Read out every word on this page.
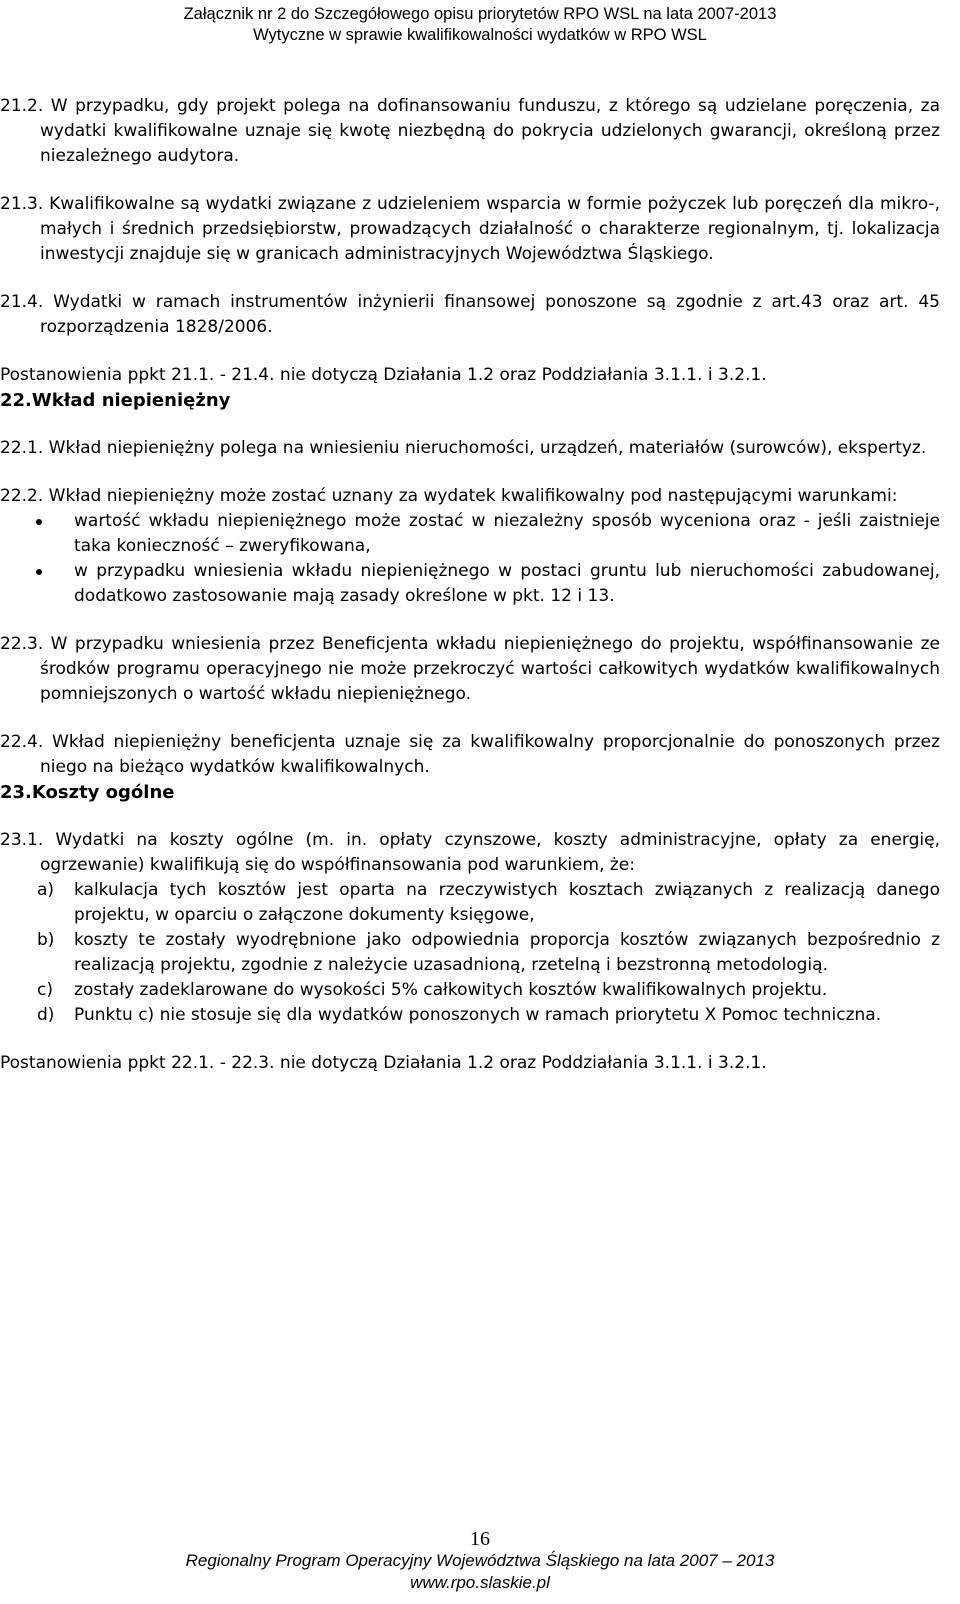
Załącznik nr 2 do Szczegółowego opisu priorytetów RPO WSL na lata 2007-2013
Wytyczne w sprawie kwalifikowalności wydatków w RPO WSL

21.2. W przypadku, gdy projekt polega na dofinansowaniu funduszu, z którego są udzielane poręczenia, za wydatki kwalifikowalne uznaje się kwotę niezbędną do pokrycia udzielonych gwarancji, określoną przez niezależnego audytora.

21.3. Kwalifikowalne są wydatki związane z udzieleniem wsparcia w formie pożyczek lub poręczeń dla mikro-, małych i średnich przedsiębiorstw, prowadzących działalność o charakterze regionalnym, tj. lokalizacja inwestycji znajduje się w granicach administracyjnych Województwa Śląskiego.

21.4. Wydatki w ramach instrumentów inżynierii finansowej ponoszone są zgodnie z art.43 oraz art. 45 rozporządzenia 1828/2006.

Postanowienia ppkt 21.1. - 21.4. nie dotyczą Działania 1.2 oraz Poddziałania 3.1.1. i 3.2.1.

22.Wkład niepieniężny

22.1. Wkład niepieniężny polega na wniesieniu nieruchomości, urządzeń, materiałów (surowców), ekspertyz.

22.2. Wkład niepieniężny może zostać uznany za wydatek kwalifikowalny pod następującymi warunkami:

wartość wkładu niepieniężnego może zostać w niezależny sposób wyceniona oraz - jeśli zaistnieje taka konieczność – zweryfikowana,
w przypadku wniesienia wkładu niepieniężnego w postaci gruntu lub nieruchomości zabudowanej, dodatkowo zastosowanie mają zasady określone w pkt. 12 i 13.

22.3. W przypadku wniesienia przez Beneficjenta wkładu niepieniężnego do projektu, współfinansowanie ze środków programu operacyjnego nie może przekroczyć wartości całkowitych wydatków kwalifikowalnych pomniejszonych o wartość wkładu niepieniężnego.

22.4. Wkład niepieniężny beneficjenta uznaje się za kwalifikowalny proporcjonalnie do ponoszonych przez niego na bieżąco wydatków kwalifikowalnych.

23.Koszty ogólne

23.1. Wydatki na koszty ogólne (m. in. opłaty czynszowe, koszty administracyjne, opłaty za energię, ogrzewanie) kwalifikują się do współfinansowania pod warunkiem, że:

a) kalkulacja tych kosztów jest oparta na rzeczywistych kosztach związanych z realizacją danego projektu, w oparciu o załączone dokumenty księgowe,
b) koszty te zostały wyodrębnione jako odpowiednia proporcja kosztów związanych bezpośrednio z realizacją projektu, zgodnie z należycie uzasadnioną, rzetelną i bezstronną metodologią.
c) zostały zadeklarowane do wysokości 5% całkowitych kosztów kwalifikowalnych projektu.
d) Punktu c) nie stosuje się dla wydatków ponoszonych w ramach priorytetu X Pomoc techniczna.

Postanowienia ppkt 22.1. - 22.3. nie dotyczą Działania 1.2 oraz Poddziałania 3.1.1. i 3.2.1.

16
Regionalny Program Operacyjny Województwa Śląskiego na lata 2007 – 2013
www.rpo.slaskie.pl
